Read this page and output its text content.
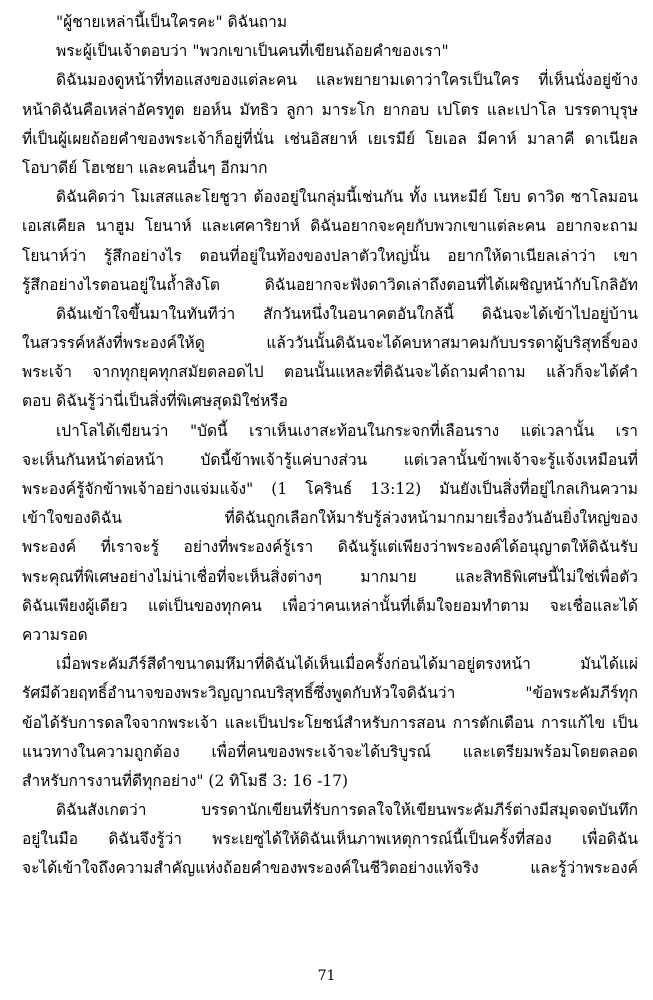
"ผู้ชายเหล่านี้เป็นใครคะ" ดิฉันถาม
พระผู้เป็นเจ้าตอบว่า "พวกเขาเป็นคนที่เขียนถ้อยคำของเรา"
ดิฉันมองดูหน้าที่ทอแสงของแต่ละคน และพยายามเดาว่าใครเป็นใคร ที่เห็นนั่งอยู่ข้าง
หน้าดิฉันคือเหล่าอัครทูต ยอห์น มัทธิว ลูกา มาระโก ยากอบ เปโตร และเปาโล บรรดาบุรุษ
ที่เป็นผู้เผยถ้อยคำของพระเจ้าก็อยู่ที่นั่น เช่นอิสยาห์ เยเรมีย์ โยเอล มีคาห์ มาลาคี ดาเนียล
โอบาดีย์ โฮเชยา และคนอื่นๆ อีกมาก
ดิฉันคิดว่า โมเสสและโยชูวา ต้องอยู่ในกลุ่มนี้เช่นกัน ทั้ง เนหะมีย์ โยบ ดาวิด ซาโลมอน
เอเสเคียล นาฮูม โยนาห์ และเศคาริยาห์ ดิฉันอยากจะคุยกับพวกเขาแต่ละคน อยากจะถาม
โยนาห์ว่า รู้สึกอย่างไร ตอนที่อยู่ในท้องของปลาตัวใหญ่นั้น อยากให้ดาเนียลเล่าว่า เขา
รู้สึกอย่างไรตอนอยู่ในถ้ำสิงโต ดิฉันอยากจะฟังดาวิดเล่าถึงตอนที่ได้เผชิญหน้ากับโกลิอัท
ดิฉันเข้าใจขึ้นมาในทันทีว่า สักวันหนึ่งในอนาคตอันใกล้นี้ ดิฉันจะได้เข้าไปอยู่บ้าน
ในสวรรค์หลังที่พระองค์ให้ดู แล้ววันนั้นดิฉันจะได้คบหาสมาคมกับบรรดาผู้บริสุทธิ์ของ
พระเจ้า จากทุกยุคทุกสมัยตลอดไป ตอนนั้นแหละที่ดิฉันจะได้ถามคำถาม แล้วก็จะได้คำ
ตอบ ดิฉันรู้ว่านี่เป็นสิ่งที่พิเศษสุดมิใช่หรือ
เปาโลได้เขียนว่า "บัดนี้ เราเห็นเงาสะท้อนในกระจกที่เลือนราง แต่เวลานั้น เรา
จะเห็นกันหน้าต่อหน้า บัดนี้ข้าพเจ้ารู้แค่บางส่วน แต่เวลานั้นข้าพเจ้าจะรู้แจ้งเหมือนที่
พระองค์รู้จักข้าพเจ้าอย่างแจ่มแจ้ง" (1 โครินธ์ 13:12) มันยังเป็นสิ่งที่อยู่ไกลเกินความ
เข้าใจของดิฉัน ที่ดิฉันถูกเลือกให้มารับรู้ล่วงหน้ามากมายเรื่องวันอันยิ่งใหญ่ของ
พระองค์ ที่เราจะรู้ อย่างที่พระองค์รู้เรา ดิฉันรู้แต่เพียงว่าพระองค์ได้อนุญาตให้ดิฉันรับ
พระคุณที่พิเศษอย่างไม่น่าเชื่อที่จะเห็นสิ่งต่างๆ มากมาย และสิทธิพิเศษนี้ไม่ใช่เพื่อตัว
ดิฉันเพียงผู้เดียว แต่เป็นของทุกคน เพื่อว่าคนเหล่านั้นที่เต็มใจยอมทำตาม จะเชื่อและได้
ความรอด
เมื่อพระคัมภีร์สีดำขนาดมหึมาที่ดิฉันได้เห็นเมื่อครั้งก่อนได้มาอยู่ตรงหน้า มันได้แผ่
รัศมีด้วยฤทธิ์อำนาจของพระวิญญาณบริสุทธิ์ซึ่งพูดกับหัวใจดิฉันว่า "ข้อพระคัมภีร์ทุก
ข้อได้รับการดลใจจากพระเจ้า และเป็นประโยชน์สำหรับการสอน การตักเตือน การแก้ไข เป็น
แนวทางในความถูกต้อง เพื่อที่คนของพระเจ้าจะได้บริบูรณ์ และเตรียมพร้อมโดยตลอด
สำหรับการงานที่ดีทุกอย่าง" (2 ทิโมธี 3: 16 -17)
ดิฉันสังเกตว่า บรรดานักเขียนที่รับการดลใจให้เขียนพระคัมภีร์ต่างมีสมุดจดบันทึก
อยู่ในมือ ดิฉันจึงรู้ว่า พระเยซูได้ให้ดิฉันเห็นภาพเหตุการณ์นี้เป็นครั้งที่สอง เพื่อดิฉัน
จะได้เข้าใจถึงความสำคัญแห่งถ้อยคำของพระองค์ในชีวิตอย่างแท้จริง และรู้ว่าพระองค์
71
